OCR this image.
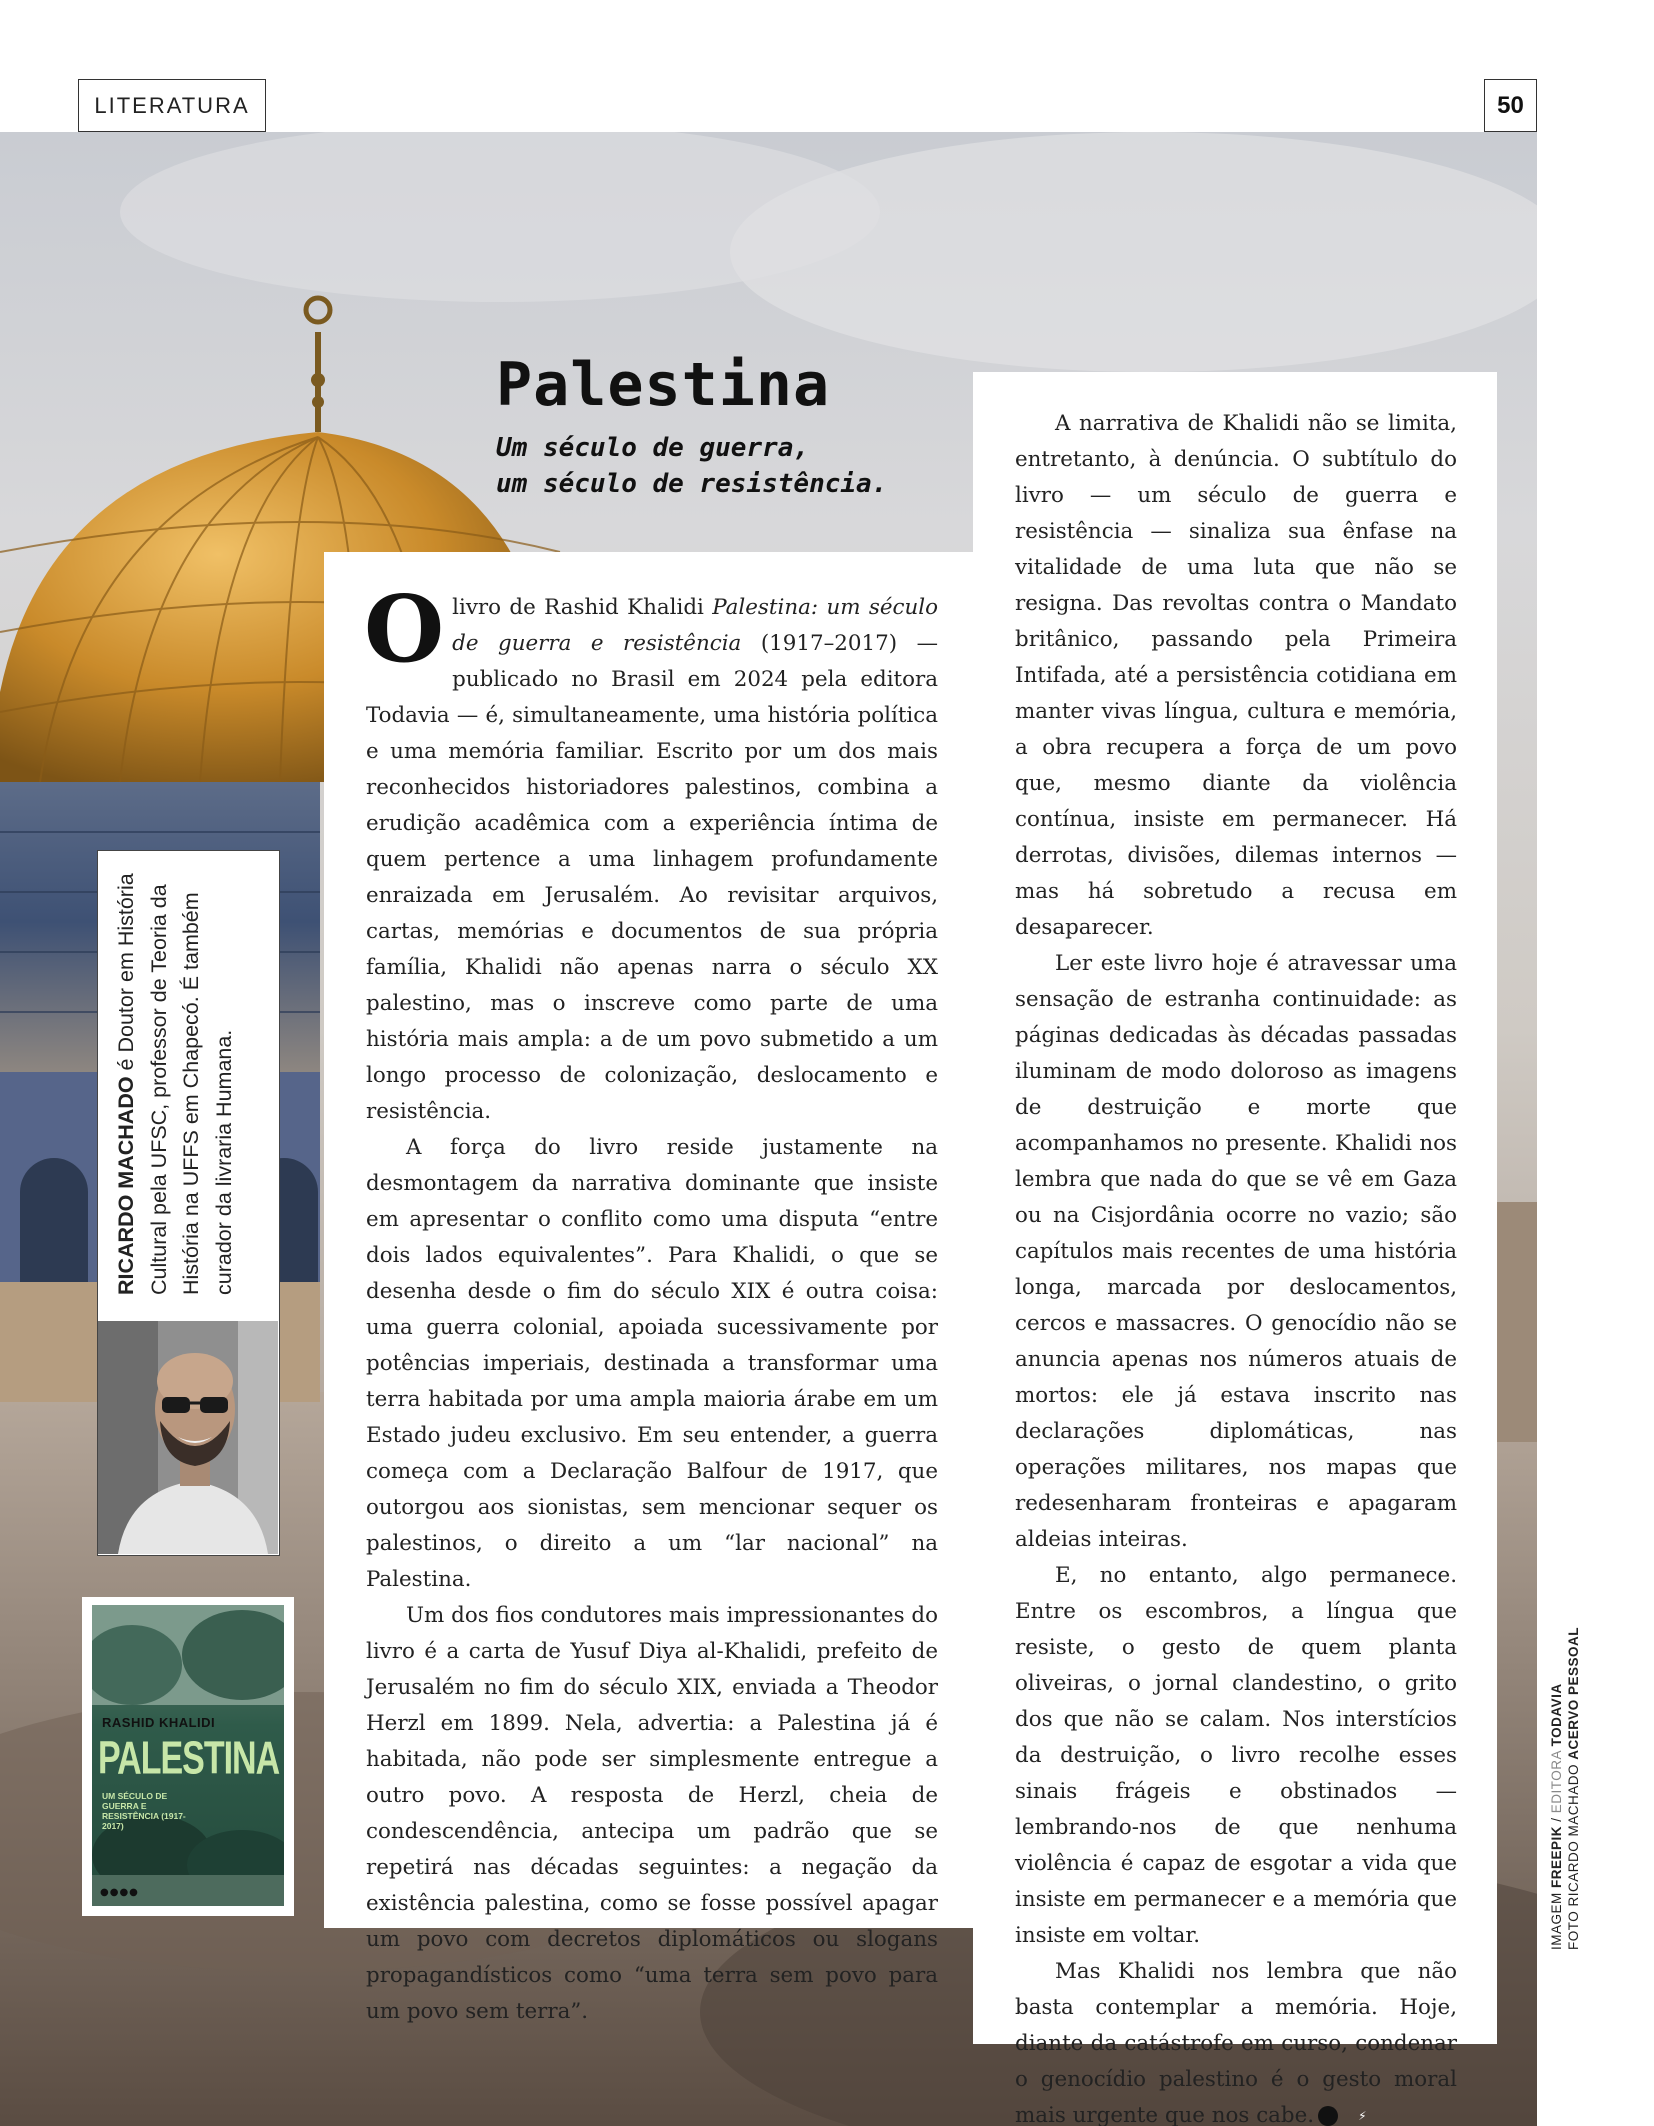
LITERATURA	50
Palestina
Um século de guerra,
um século de resistência.

Olivro de Rashid Khalidi Palestina: um século de guerra e resistência (1917–2017) — publicado no Brasil em 2024 pela editora Todavia — é, simultaneamente, uma história política e uma memória familiar. Escrito por um dos mais reconhecidos historiadores palestinos, combina a erudição acadêmica com a experiência íntima de quem pertence a uma linhagem profundamente enraizada em Jerusalém. Ao revisitar arquivos, cartas, memórias e documentos de sua própria família, Khalidi não apenas narra o século XX palestino, mas o inscreve como parte de uma história mais ampla: a de um povo submetido a um longo processo de colonização, deslocamento e resistência.

A força do livro reside justamente na desmontagem da narrativa dominante que insiste em apresentar o conflito como uma disputa “entre dois lados equivalentes”. Para Khalidi, o que se desenha desde o fim do século XIX é outra coisa: uma guerra colonial, apoiada sucessivamente por potências imperiais, destinada a transformar uma terra habitada por uma ampla maioria árabe em um Estado judeu exclusivo. Em seu entender, a guerra começa com a Declaração Balfour de 1917, que outorgou aos sionistas, sem mencionar sequer os palestinos, o direito a um “lar nacional” na Palestina.

Um dos fios condutores mais impressionantes do livro é a carta de Yusuf Diya al-Khalidi, prefeito de Jerusalém no fim do século XIX, enviada a Theodor Herzl em 1899. Nela, advertia: a Palestina já é habitada, não pode ser simplesmente entregue a outro povo. A resposta de Herzl, cheia de condescendência, antecipa um padrão que se repetirá nas décadas seguintes: a negação da existência palestina, como se fosse possível apagar um povo com decretos diplomáticos ou slogans propagandísticos como “uma terra sem povo para um povo sem terra”.

A narrativa de Khalidi não se limita, entretanto, à denúncia. O subtítulo do livro — um século de guerra e resistência — sinaliza sua ênfase na vitalidade de uma luta que não se resigna. Das revoltas contra o Mandato britânico, passando pela Primeira Intifada, até a persistência cotidiana em manter vivas língua, cultura e memória, a obra recupera a força de um povo que, mesmo diante da violência contínua, insiste em permanecer. Há derrotas, divisões, dilemas internos — mas há sobretudo a recusa em desaparecer.

Ler este livro hoje é atravessar uma sensação de estranha continuidade: as páginas dedicadas às décadas passadas iluminam de modo doloroso as imagens de destruição e morte que acompanhamos no presente. Khalidi nos lembra que nada do que se vê em Gaza ou na Cisjordânia ocorre no vazio; são capítulos mais recentes de uma história longa, marcada por deslocamentos, cercos e massacres. O genocídio não se anuncia apenas nos números atuais de mortos: ele já estava inscrito nas declarações diplomáticas, nas operações militares, nos mapas que redesenharam fronteiras e apagaram aldeias inteiras.

E, no entanto, algo permanece. Entre os escombros, a língua que resiste, o gesto de quem planta oliveiras, o jornal clandestino, o grito dos que não se calam. Nos interstícios da destruição, o livro recolhe esses sinais frágeis e obstinados — lembrando-nos de que nenhuma violência é capaz de esgotar a vida que insiste em permanecer e a memória que insiste em voltar.

Mas Khalidi nos lembra que não basta contemplar a memória. Hoje, diante da catástrofe em curso, condenar o genocídio palestino é o gesto moral mais urgente que nos cabe.	⚡

RICARDO MACHADO é Doutor em História Cultural pela UFSC, professor de Teoria da História na UFFS em Chapecó. É também curador da livraria Humana.
RASHID KHALIDI
PALESTINA
UM SÉCULO DE GUERRA E RESISTÊNCIA (1917-2017)
●●●●	IMAGEM FREEPIK / EDITORA TODAVIA
FOTO RICARDO MACHADO ACERVO PESSOAL
